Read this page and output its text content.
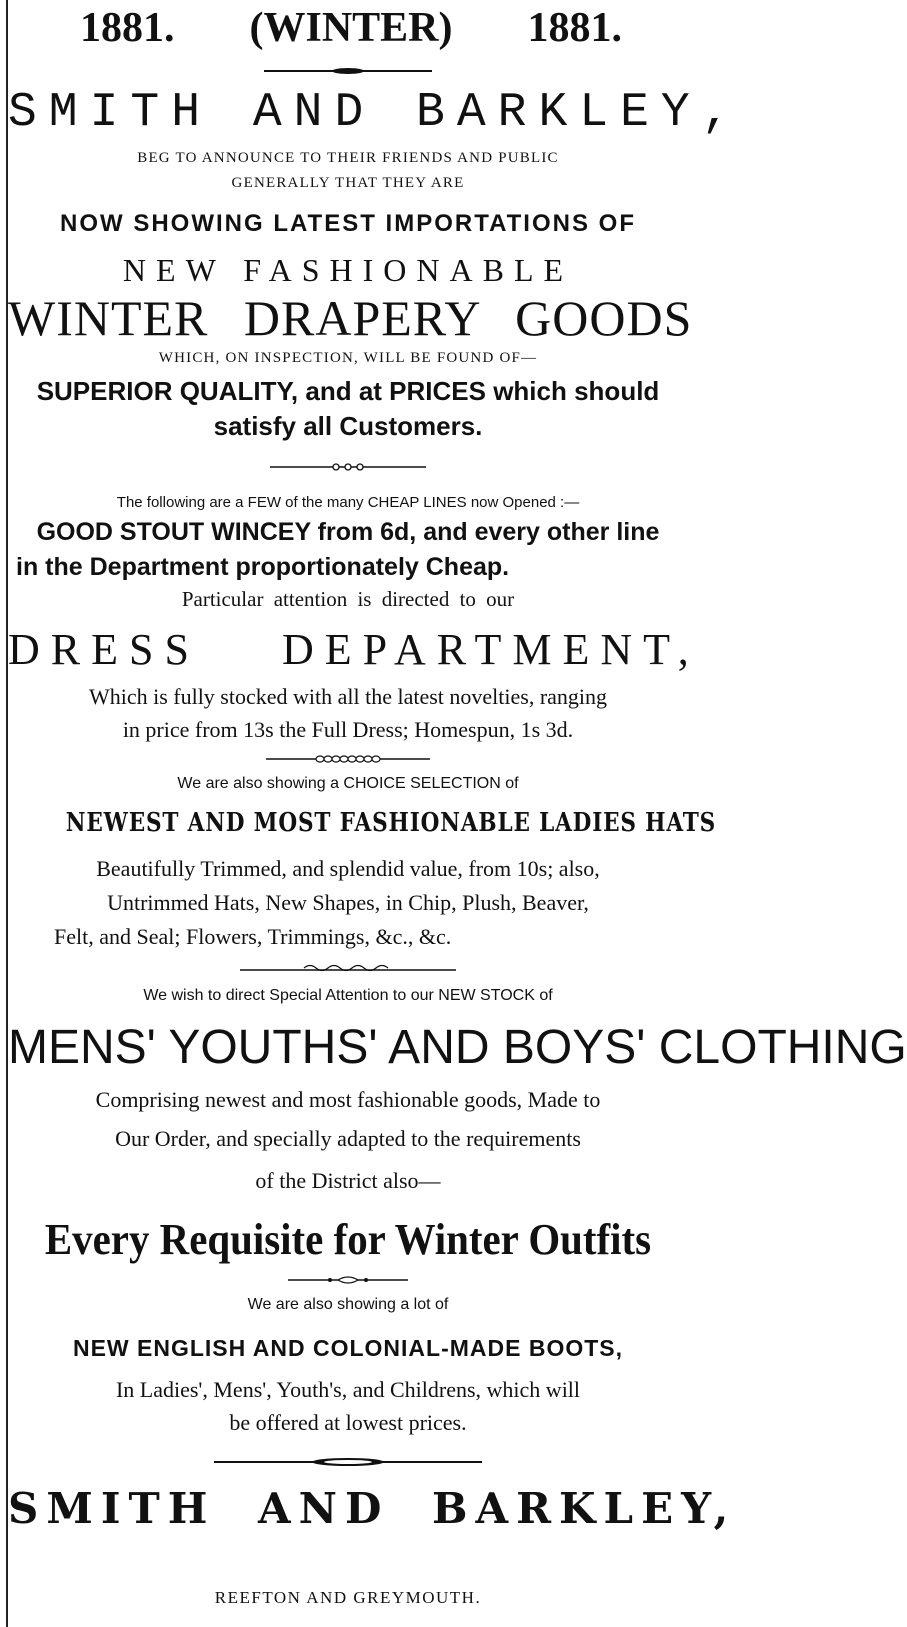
1881. (WINTER) 1881.
SMITH AND BARKLEY,
BEG TO ANNOUNCE TO THEIR FRIENDS AND PUBLIC
GENERALLY THAT THEY ARE
NOW SHOWING LATEST IMPORTATIONS OF
NEW FASHIONABLE
WINTER DRAPERY GOODS
WHICH, ON INSPECTION, WILL BE FOUND OF—
SUPERIOR QUALITY, and at PRICES which should
satisfy all Customers.
The following are a FEW of the many CHEAP LINES now Opened :—
GOOD STOUT WINCEY from 6d, and every other line
in the Department proportionately Cheap.
Particular attention is directed to our
DRESS DEPARTMENT,
Which is fully stocked with all the latest novelties, ranging
in price from 13s the Full Dress; Homespun, 1s 3d.
We are also showing a CHOICE SELECTION of
NEWEST AND MOST FASHIONABLE LADIES HATS
Beautifully Trimmed, and splendid value, from 10s; also,
Untrimmed Hats, New Shapes, in Chip, Plush, Beaver,
Felt, and Seal; Flowers, Trimmings, &c., &c.
We wish to direct Special Attention to our NEW STOCK of
MENS' YOUTHS' AND BOYS' CLOTHING
Comprising newest and most fashionable goods, Made to
Our Order, and specially adapted to the requirements
of the District also—
Every Requisite for Winter Outfits
We are also showing a lot of
NEW ENGLISH AND COLONIAL-MADE BOOTS,
In Ladies', Mens', Youth's, and Childrens, which will
be offered at lowest prices.
SMITH AND BARKLEY,
REEFTON AND GREYMOUTH.
